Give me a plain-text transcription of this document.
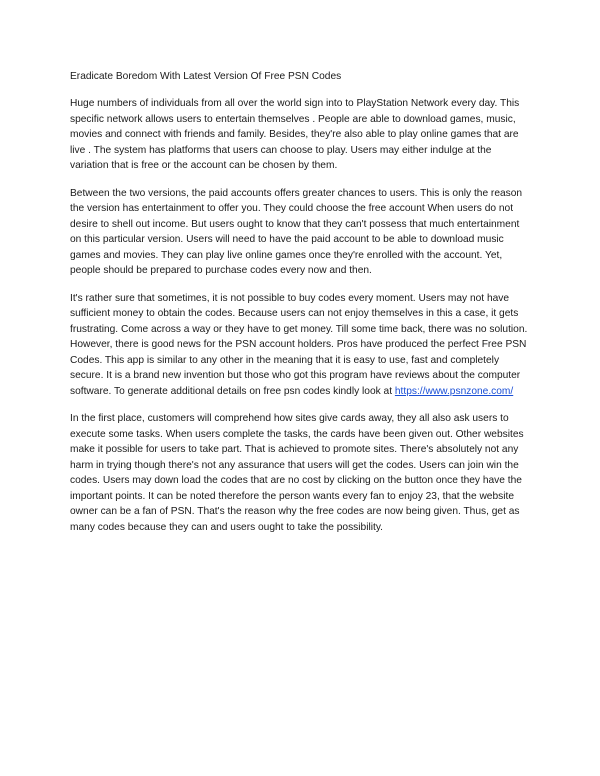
Eradicate Boredom With Latest Version Of Free PSN Codes

Huge numbers of individuals from all over the world sign into to PlayStation Network every day. This specific network allows users to entertain themselves . People are able to download games, music, movies and connect with friends and family. Besides, they're also able to play online games that are live . The system has platforms that users can choose to play. Users may either indulge at the variation that is free or the account can be chosen by them.

Between the two versions, the paid accounts offers greater chances to users. This is only the reason the version has entertainment to offer you. They could choose the free account When users do not desire to shell out income. But users ought to know that they can't possess that much entertainment on this particular version. Users will need to have the paid account to be able to download music games and movies. They can play live online games once they're enrolled with the account. Yet, people should be prepared to purchase codes every now and then.

It's rather sure that sometimes, it is not possible to buy codes every moment. Users may not have sufficient money to obtain the codes. Because users can not enjoy themselves in this a case, it gets frustrating. Come across a way or they have to get money. Till some time back, there was no solution. However, there is good news for the PSN account holders. Pros have produced the perfect Free PSN Codes. This app is similar to any other in the meaning that it is easy to use, fast and completely secure. It is a brand new invention but those who got this program have reviews about the computer software. To generate additional details on free psn codes kindly look at https://www.psnzone.com/

In the first place, customers will comprehend how sites give cards away, they all also ask users to execute some tasks. When users complete the tasks, the cards have been given out. Other websites make it possible for users to take part. That is achieved to promote sites. There's absolutely not any harm in trying though there's not any assurance that users will get the codes. Users can join win the codes. Users may down load the codes that are no cost by clicking on the button once they have the important points. It can be noted therefore the person wants every fan to enjoy 23, that the website owner can be a fan of PSN. That's the reason why the free codes are now being given. Thus, get as many codes because they can and users ought to take the possibility.
